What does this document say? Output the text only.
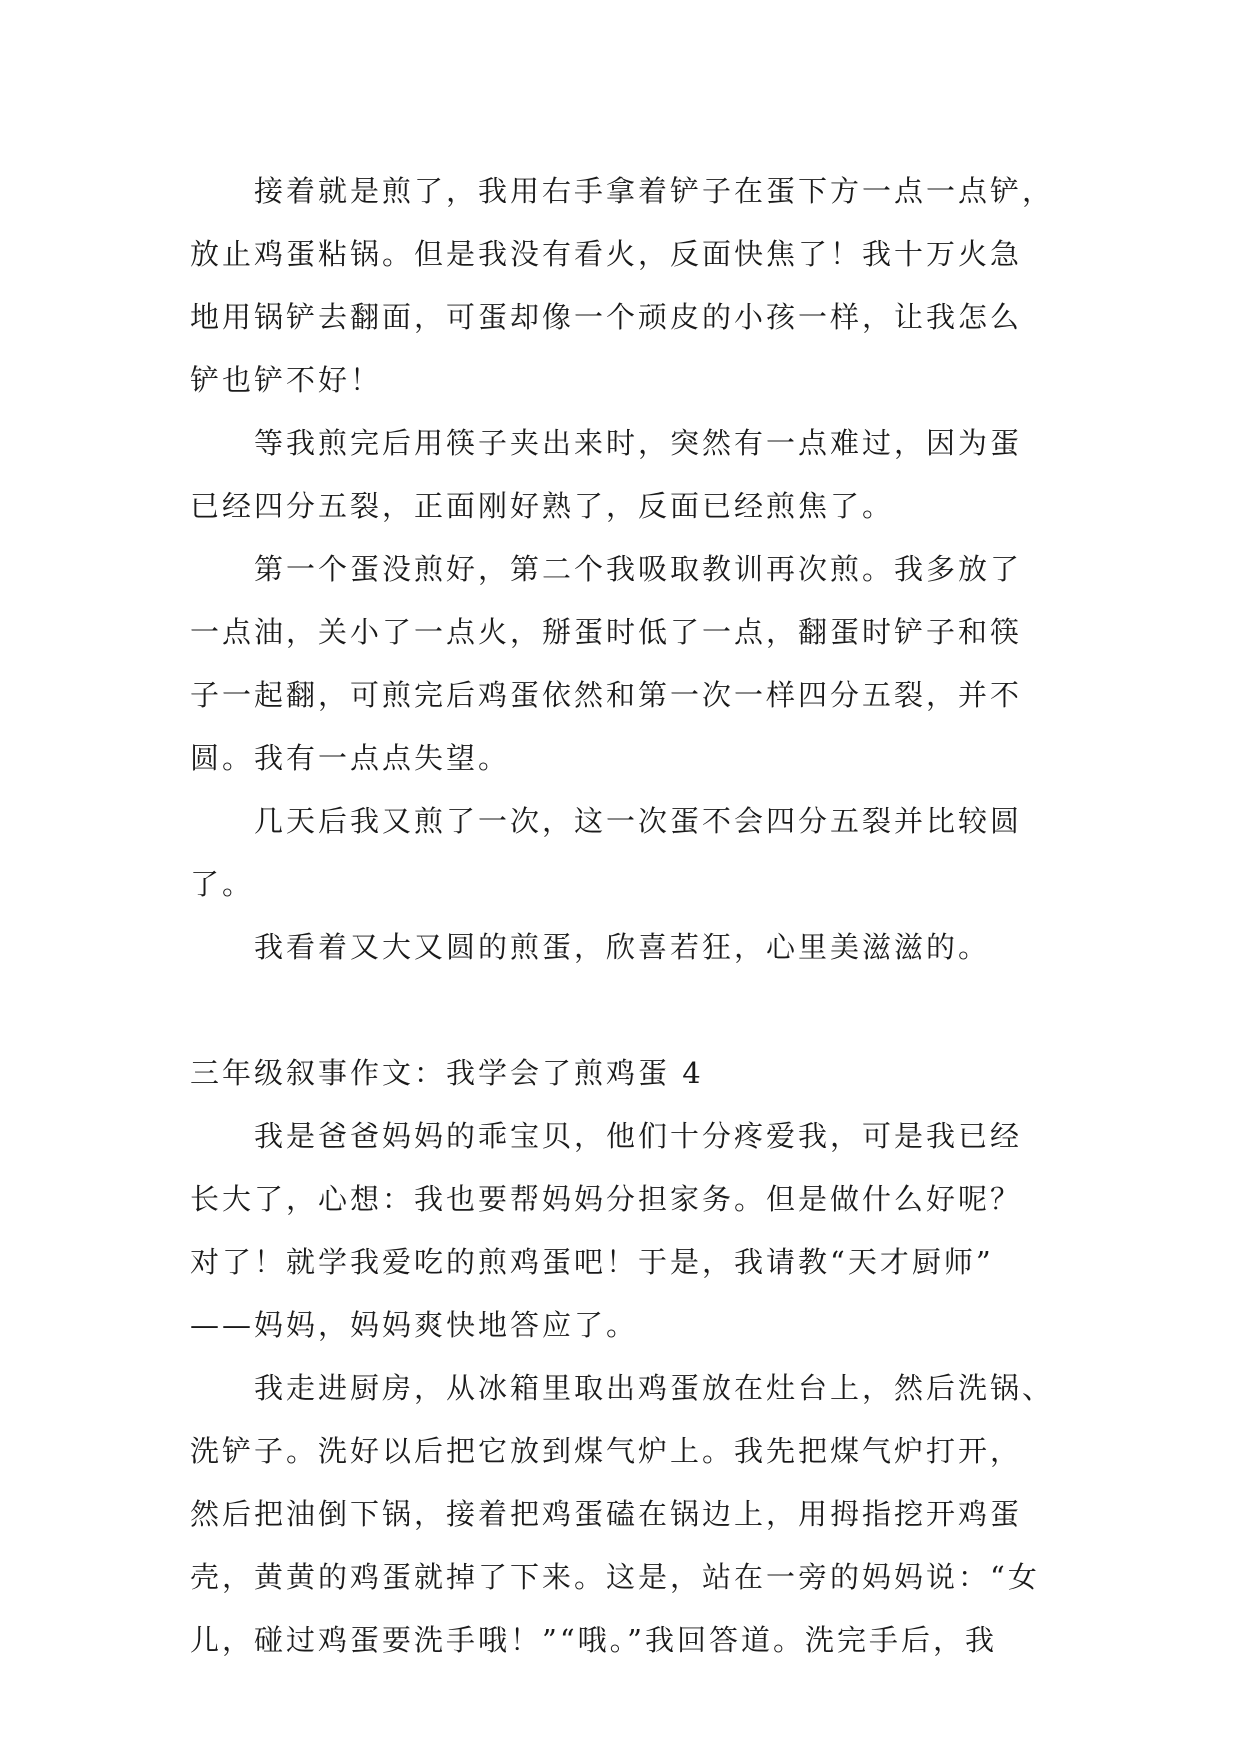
接着就是煎了，我用右手拿着铲子在蛋下方一点一点铲，
放止鸡蛋粘锅。但是我没有看火，反面快焦了！我十万火急
地用锅铲去翻面，可蛋却像一个顽皮的小孩一样，让我怎么
铲也铲不好！
等我煎完后用筷子夹出来时，突然有一点难过，因为蛋
已经四分五裂，正面刚好熟了，反面已经煎焦了。
第一个蛋没煎好，第二个我吸取教训再次煎。我多放了
一点油，关小了一点火，掰蛋时低了一点，翻蛋时铲子和筷
子一起翻，可煎完后鸡蛋依然和第一次一样四分五裂，并不
圆。我有一点点失望。
几天后我又煎了一次，这一次蛋不会四分五裂并比较圆
了。
我看着又大又圆的煎蛋，欣喜若狂，心里美滋滋的。
三年级叙事作文：我学会了煎鸡蛋 4
我是爸爸妈妈的乖宝贝，他们十分疼爱我，可是我已经
长大了，心想：我也要帮妈妈分担家务。但是做什么好呢？
对了！就学我爱吃的煎鸡蛋吧！于是，我请教“天才厨师”
——妈妈，妈妈爽快地答应了。
我走进厨房，从冰箱里取出鸡蛋放在灶台上，然后洗锅、
洗铲子。洗好以后把它放到煤气炉上。我先把煤气炉打开，
然后把油倒下锅，接着把鸡蛋磕在锅边上，用拇指挖开鸡蛋
壳，黄黄的鸡蛋就掉了下来。这是，站在一旁的妈妈说：“女
儿，碰过鸡蛋要洗手哦！”“哦。”我回答道。洗完手后，我
